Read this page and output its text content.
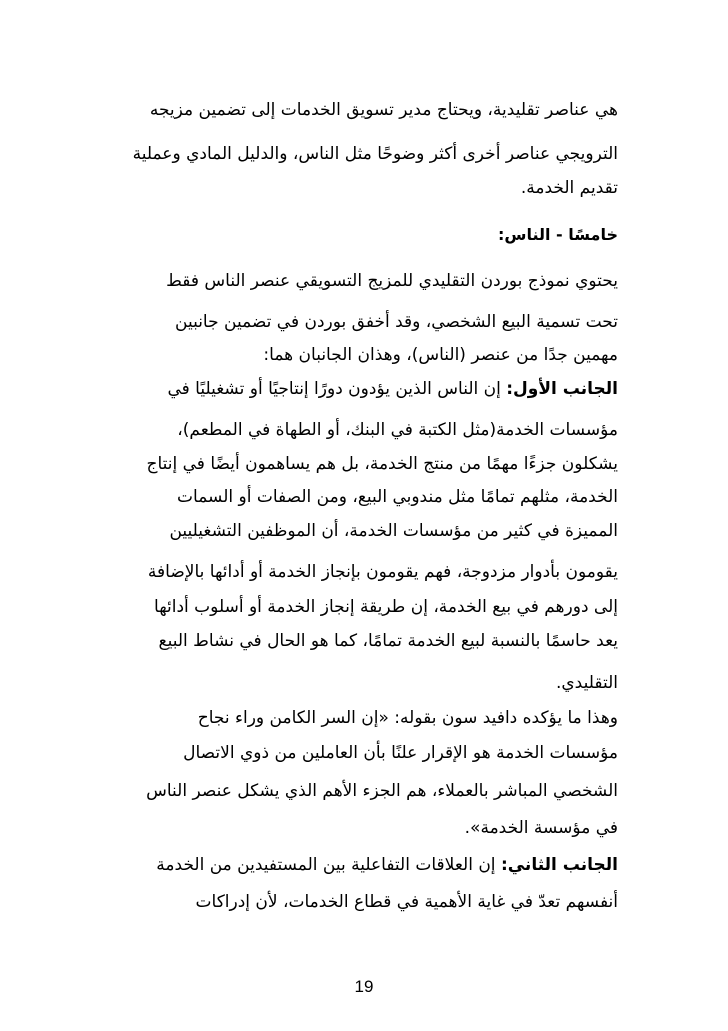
هي عناصر تقليدية، ويحتاج مدير تسويق الخدمات إلى تضمين مزيجه
الترويجي عناصر أخرى أكثر وضوحًا مثل الناس، والدليل المادي وعملية
تقديم الخدمة.
خامسًا - الناس:
يحتوي نموذج بوردن التقليدي للمزيج التسويقي عنصر الناس فقط
تحت تسمية البيع الشخصي، وقد أخفق بوردن في تضمين جانبين
مهمين جدًا من عنصر (الناس)، وهذان الجانبان هما:
الجانب الأول: إن الناس الذين يؤدون دورًا إنتاجيًا أو تشغيليًا في
مؤسسات الخدمة(مثل الكتبة في البنك، أو الطهاة في المطعم)،
يشكلون جزءًا مهمًا من منتج الخدمة، بل هم يساهمون أيضًا في إنتاج
الخدمة، مثلهم تمامًا مثل مندوبي البيع، ومن الصفات أو السمات
المميزة في كثير من مؤسسات الخدمة، أن الموظفين التشغيليين
يقومون بأدوار مزدوجة، فهم يقومون بإنجاز الخدمة أو أدائها بالإضافة
إلى دورهم في بيع الخدمة، إن طريقة إنجاز الخدمة أو أسلوب أدائها
يعد حاسمًا بالنسبة لبيع الخدمة تمامًا، كما هو الحال في نشاط البيع
التقليدي.
وهذا ما يؤكده دافيد سون بقوله: «إن السر الكامن وراء نجاح
مؤسسات الخدمة هو الإقرار علنًا بأن العاملين من ذوي الاتصال
الشخصي المباشر بالعملاء، هم الجزء الأهم الذي يشكل عنصر الناس
في مؤسسة الخدمة».
الجانب الثاني: إن العلاقات التفاعلية بين المستفيدين من الخدمة
أنفسهم تعدّ في غاية الأهمية في قطاع الخدمات، لأن إدراكات
19
